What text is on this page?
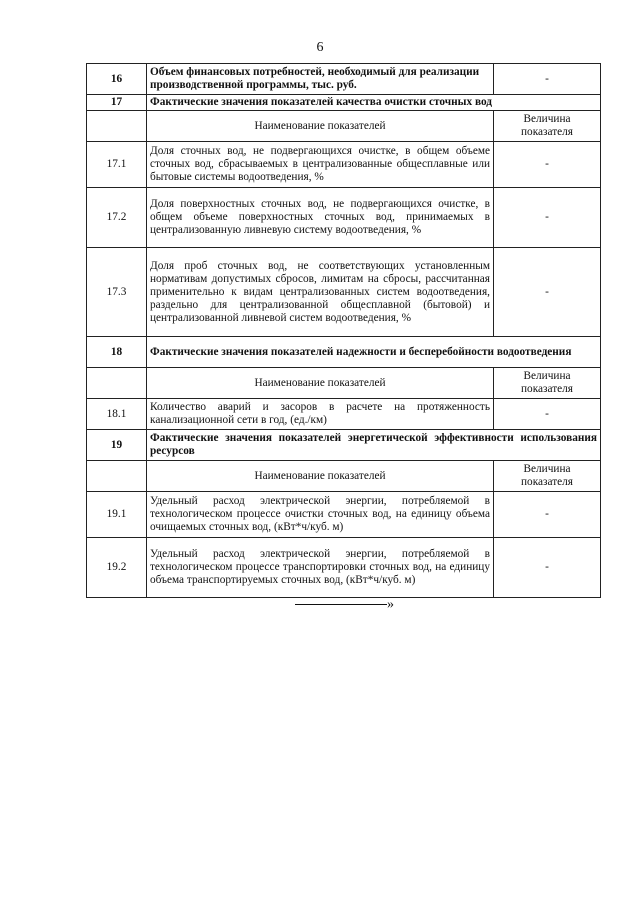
6
16	Объем финансовых потребностей, необходимый для реализации производственной программы, тыс. руб.	-
17	Фактические значения показателей качества очистки сточных вод	
	Наименование показателей	Величина показателя
17.1	Доля сточных вод, не подвергающихся очистке, в общем объеме сточных вод, сбрасываемых в централизованные общесплавные или бытовые системы водоотведения, %	-
17.2	Доля поверхностных сточных вод, не подвергающихся очистке, в общем объеме поверхностных сточных вод, принимаемых в централизованную ливневую систему водоотведения, %	-
17.3	Доля проб сточных вод, не соответствующих установленным нормативам допустимых сбросов, лимитам на сбросы, рассчитанная применительно к видам централизованных систем водоотведения, раздельно для централизованной общесплавной (бытовой) и централизованной ливневой систем водоотведения, %	-
18	Фактические значения показателей надежности и бесперебойности водоотведения	
	Наименование показателей	Величина показателя
18.1	Количество аварий и засоров в расчете на протяженность канализационной сети в год, (ед./км)	-
19	Фактические значения показателей энергетической эффективности использования ресурсов	
	Наименование показателей	Величина показателя
19.1	Удельный расход электрической энергии, потребляемой в технологическом процессе очистки сточных вод, на единицу объема очищаемых сточных вод, (кВт*ч/куб. м)	-
19.2	Удельный расход электрической энергии, потребляемой в технологическом процессе транспортировки сточных вод, на единицу объема транспортируемых сточных вод, (кВт*ч/куб. м)	-
»
